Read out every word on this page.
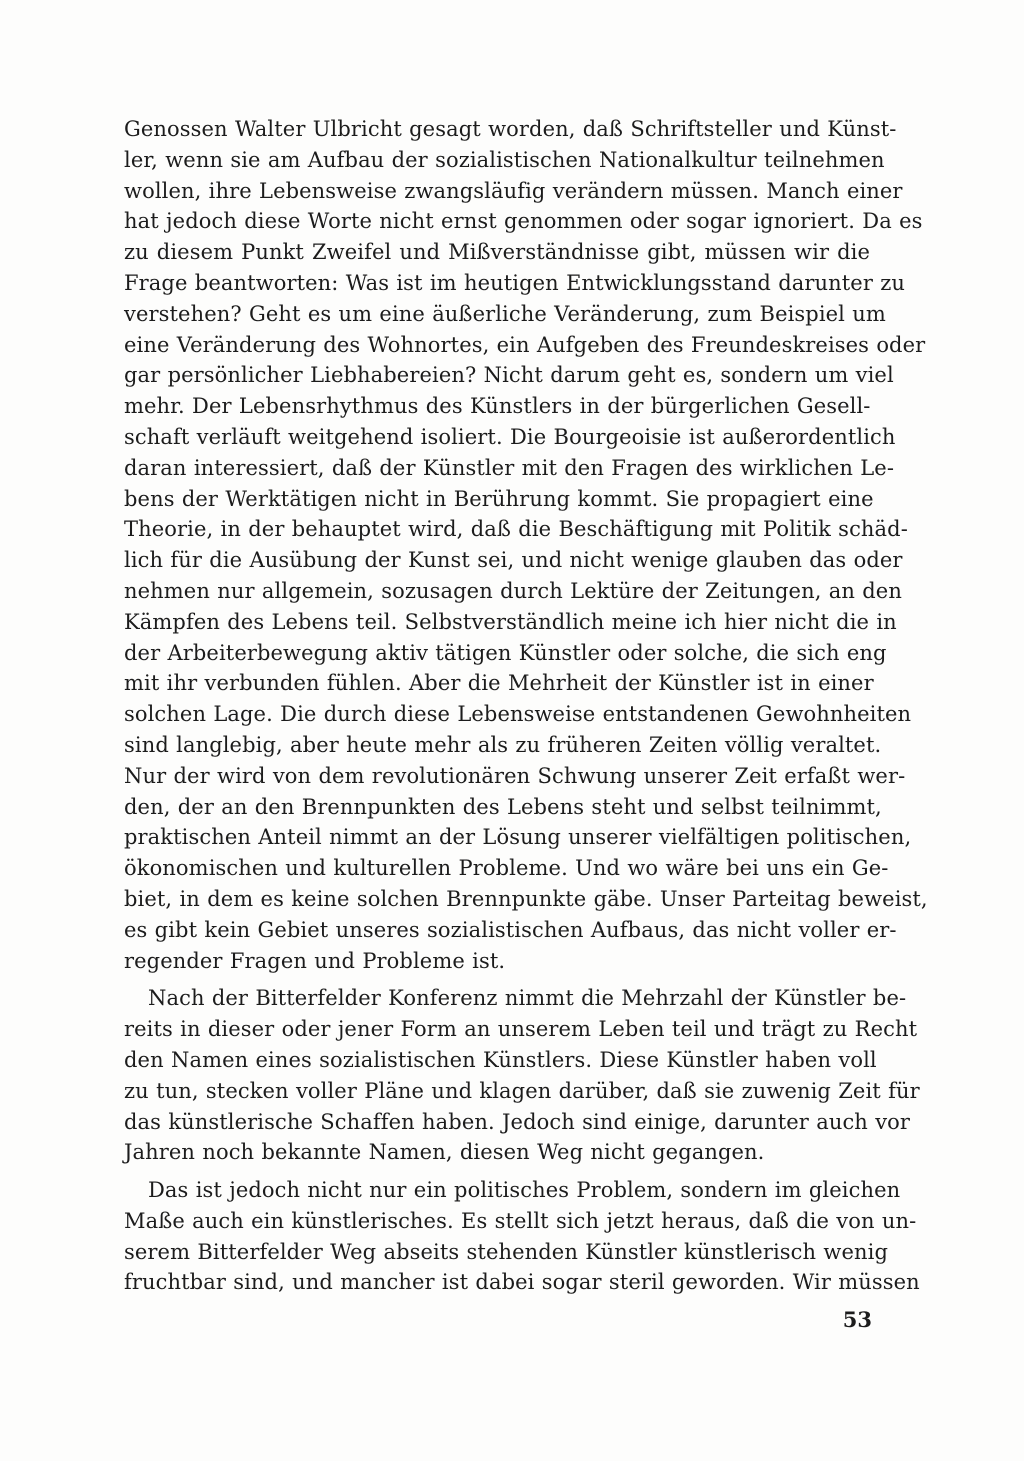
Genossen Walter Ulbricht gesagt worden, daß Schriftsteller und Künst-
ler, wenn sie am Aufbau der sozialistischen Nationalkultur teilnehmen
wollen, ihre Lebensweise zwangsläufig verändern müssen. Manch einer
hat jedoch diese Worte nicht ernst genommen oder sogar ignoriert. Da es
zu diesem Punkt Zweifel und Mißverständnisse gibt, müssen wir die
Frage beantworten: Was ist im heutigen Entwicklungsstand darunter zu
verstehen? Geht es um eine äußerliche Veränderung, zum Beispiel um
eine Veränderung des Wohnortes, ein Aufgeben des Freundeskreises oder
gar persönlicher Liebhabereien? Nicht darum geht es, sondern um viel
mehr. Der Lebensrhythmus des Künstlers in der bürgerlichen Gesell-
schaft verläuft weitgehend isoliert. Die Bourgeoisie ist außerordentlich
daran interessiert, daß der Künstler mit den Fragen des wirklichen Le-
bens der Werktätigen nicht in Berührung kommt. Sie propagiert eine
Theorie, in der behauptet wird, daß die Beschäftigung mit Politik schäd-
lich für die Ausübung der Kunst sei, und nicht wenige glauben das oder
nehmen nur allgemein, sozusagen durch Lektüre der Zeitungen, an den
Kämpfen des Lebens teil. Selbstverständlich meine ich hier nicht die in
der Arbeiterbewegung aktiv tätigen Künstler oder solche, die sich eng
mit ihr verbunden fühlen. Aber die Mehrheit der Künstler ist in einer
solchen Lage. Die durch diese Lebensweise entstandenen Gewohnheiten
sind langlebig, aber heute mehr als zu früheren Zeiten völlig veraltet.
Nur der wird von dem revolutionären Schwung unserer Zeit erfaßt wer-
den, der an den Brennpunkten des Lebens steht und selbst teilnimmt,
praktischen Anteil nimmt an der Lösung unserer vielfältigen politischen,
ökonomischen und kulturellen Probleme. Und wo wäre bei uns ein Ge-
biet, in dem es keine solchen Brennpunkte gäbe. Unser Parteitag beweist,
es gibt kein Gebiet unseres sozialistischen Aufbaus, das nicht voller er-
regender Fragen und Probleme ist.
Nach der Bitterfelder Konferenz nimmt die Mehrzahl der Künstler be-
reits in dieser oder jener Form an unserem Leben teil und trägt zu Recht
den Namen eines sozialistischen Künstlers. Diese Künstler haben voll
zu tun, stecken voller Pläne und klagen darüber, daß sie zuwenig Zeit für
das künstlerische Schaffen haben. Jedoch sind einige, darunter auch vor
Jahren noch bekannte Namen, diesen Weg nicht gegangen.
Das ist jedoch nicht nur ein politisches Problem, sondern im gleichen
Maße auch ein künstlerisches. Es stellt sich jetzt heraus, daß die von un-
serem Bitterfelder Weg abseits stehenden Künstler künstlerisch wenig
fruchtbar sind, und mancher ist dabei sogar steril geworden. Wir müssen
53
